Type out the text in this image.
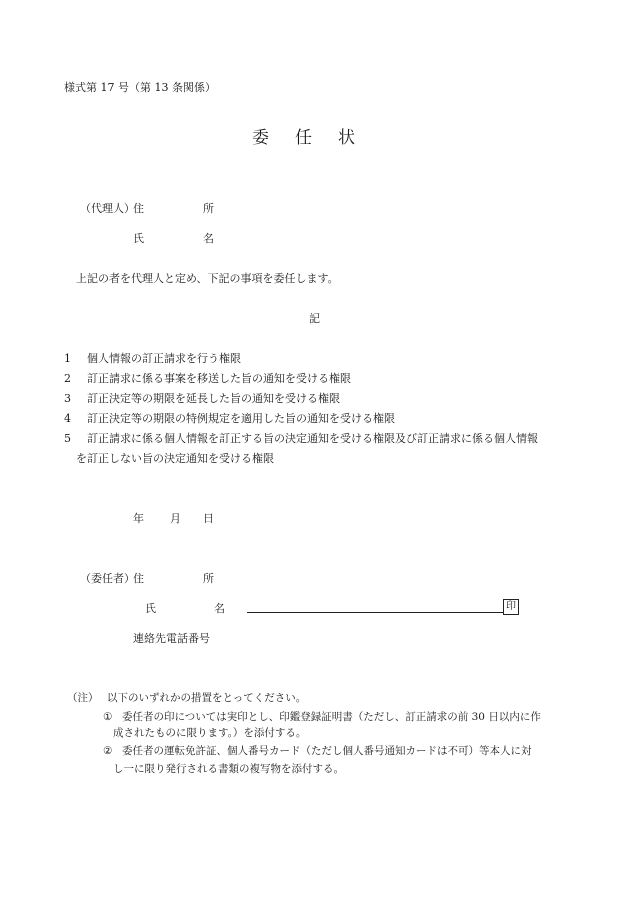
様式第 17 号（第 13 条関係）
委任状
（代理人）
住	所
氏	名
上記の者を代理人と定め、下記の事項を委任します。
記
1 個人情報の訂正請求を行う権限
2 訂正請求に係る事案を移送した旨の通知を受ける権限
3 訂正決定等の期限を延長した旨の通知を受ける権限
4 訂正決定等の期限の特例規定を適用した旨の通知を受ける権限
5 訂正請求に係る個人情報を訂正する旨の決定通知を受ける権限及び訂正請求に係る個人情報
を訂正しない旨の決定通知を受ける権限
年 月 日
（委任者）
住	所
氏	名	印
連絡先電話番号
（注） 以下のいずれかの措置をとってください。
① 委任者の印については実印とし、印鑑登録証明書（ただし、訂正請求の前 30 日以内に作
成されたものに限ります。）を添付する。
② 委任者の運転免許証、個人番号カード（ただし個人番号通知カードは不可）等本人に対
し一に限り発行される書類の複写物を添付する。
